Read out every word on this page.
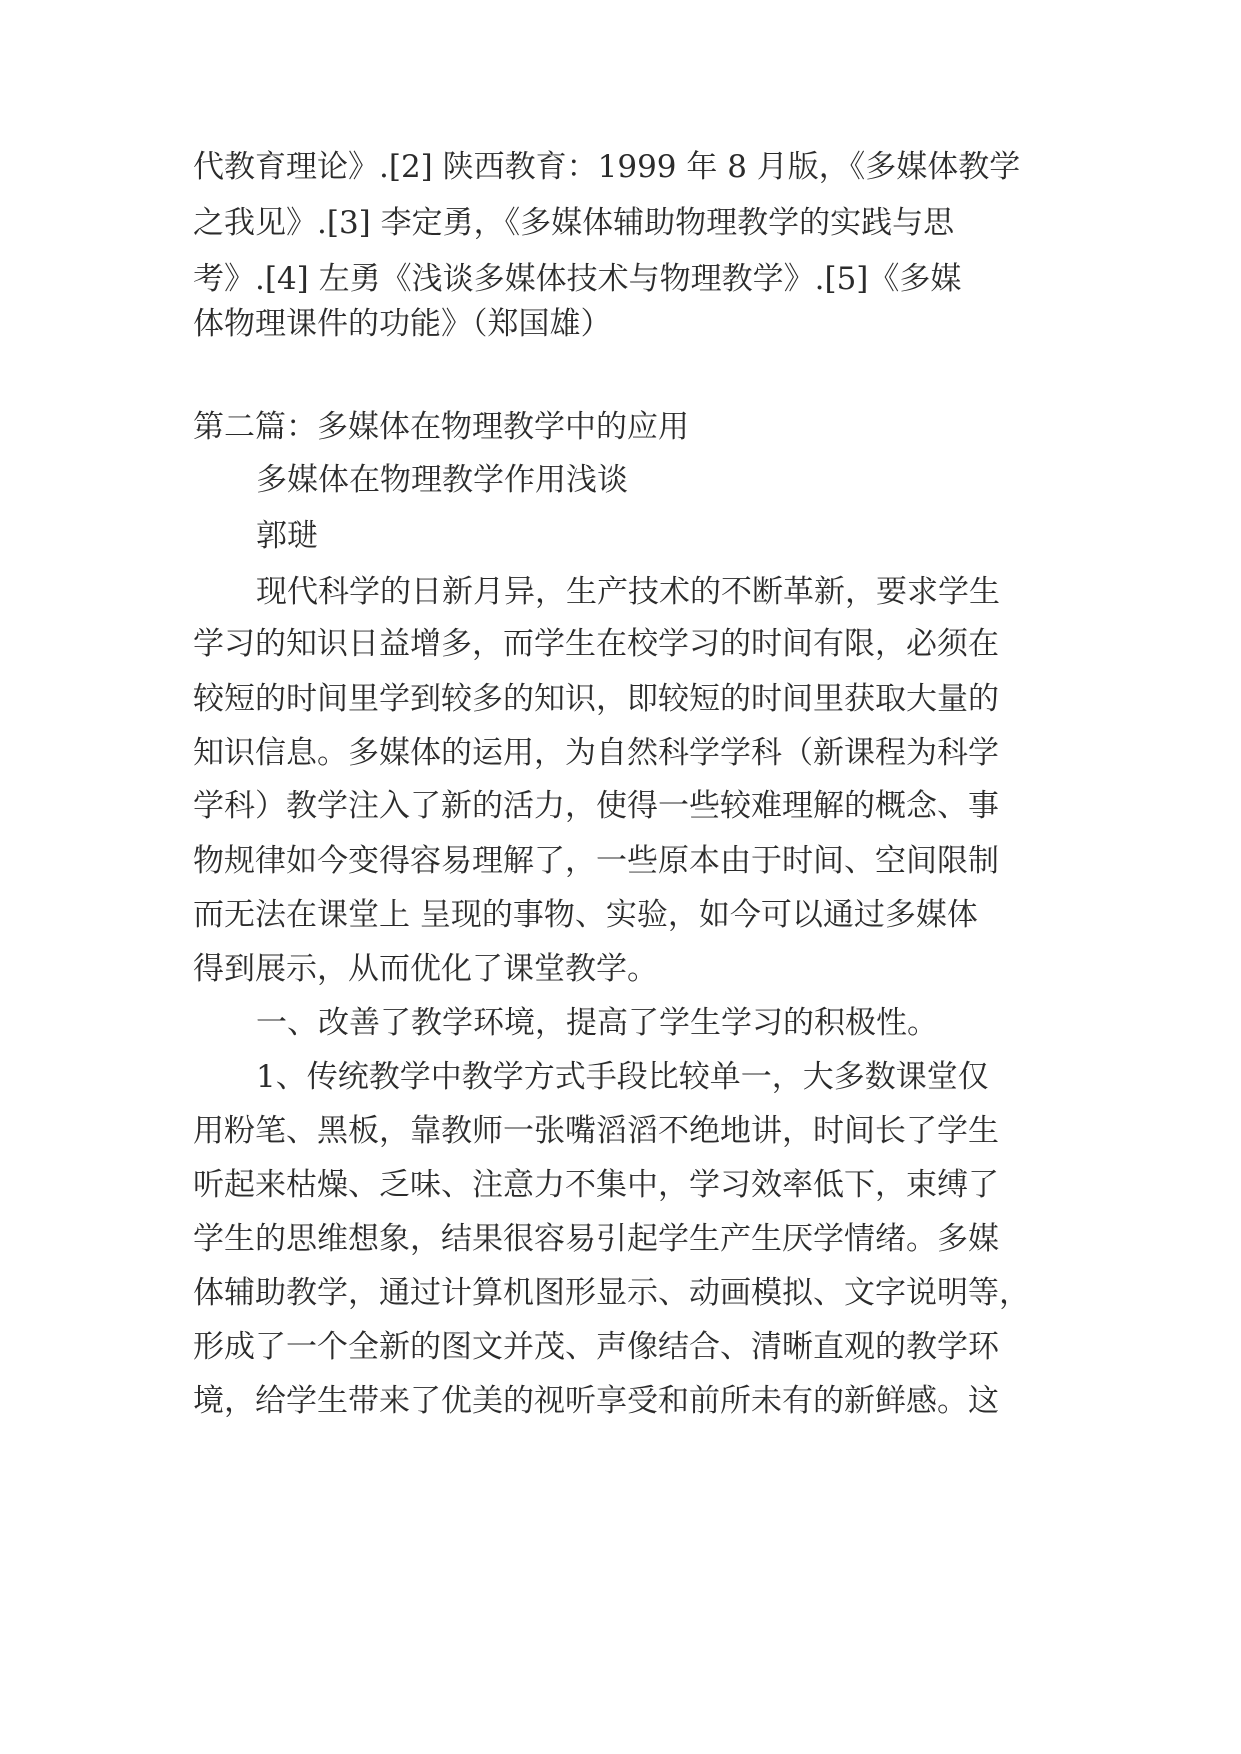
代教育理论》.[2] 陕西教育：1999 年 8 月版，《多媒体教学

之我见》.[3] 李定勇，《多媒体辅助物理教学的实践与思

考》.[4] 左勇《浅谈多媒体技术与物理教学》.[5]《多媒

体物理课件的功能》（郑国雄）

第二篇：多媒体在物理教学中的应用

多媒体在物理教学作用浅谈

郭琎

现代科学的日新月异，生产技术的不断革新，要求学生

学习的知识日益增多，而学生在校学习的时间有限，必须在

较短的时间里学到较多的知识，即较短的时间里获取大量的

知识信息。多媒体的运用，为自然科学学科（新课程为科学

学科）教学注入了新的活力，使得一些较难理解的概念、事

物规律如今变得容易理解了，一些原本由于时间、空间限制

而无法在课堂上 呈现的事物、实验，如今可以通过多媒体

得到展示，从而优化了课堂教学。

一、改善了教学环境，提高了学生学习的积极性。

1、传统教学中教学方式手段比较单一，大多数课堂仅

用粉笔、黑板，靠教师一张嘴滔滔不绝地讲，时间长了学生

听起来枯燥、乏味、注意力不集中，学习效率低下，束缚了

学生的思维想象，结果很容易引起学生产生厌学情绪。多媒

体辅助教学，通过计算机图形显示、动画模拟、文字说明等，

形成了一个全新的图文并茂、声像结合、清晰直观的教学环

境，给学生带来了优美的视听享受和前所未有的新鲜感。这
